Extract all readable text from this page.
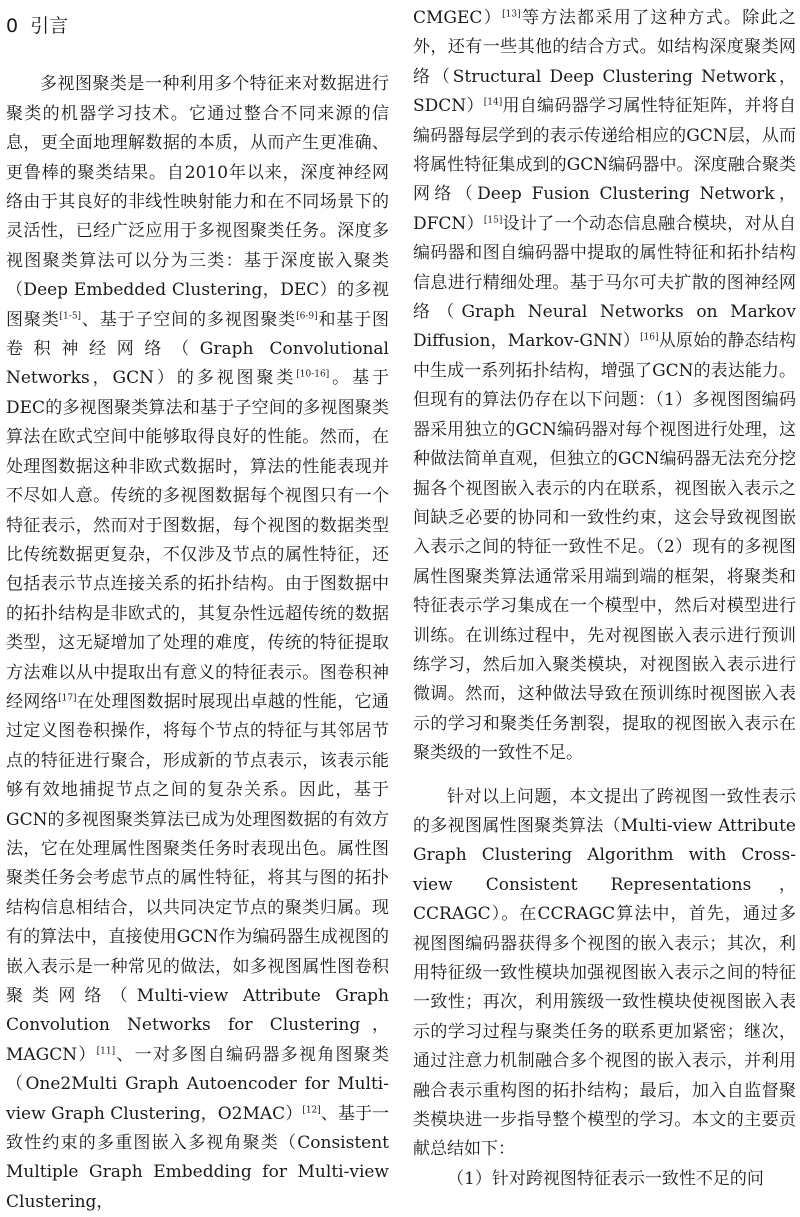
0 引言

多视图聚类是一种利用多个特征来对数据进行聚类的机器学习技术。它通过整合不同来源的信息，更全面地理解数据的本质，从而产生更准确、更鲁棒的聚类结果。自2010年以来，深度神经网络由于其良好的非线性映射能力和在不同场景下的灵活性，已经广泛应用于多视图聚类任务。深度多视图聚类算法可以分为三类：基于深度嵌入聚类（Deep Embedded Clustering，DEC）的多视图聚类[1-5]、基于子空间的多视图聚类[6-9]和基于图卷积神经网络（Graph Convolutional Networks，GCN）的多视图聚类[10-16]。基于DEC的多视图聚类算法和基于子空间的多视图聚类算法在欧式空间中能够取得良好的性能。然而，在处理图数据这种非欧式数据时，算法的性能表现并不尽如人意。传统的多视图数据每个视图只有一个特征表示，然而对于图数据，每个视图的数据类型比传统数据更复杂，不仅涉及节点的属性特征，还包括表示节点连接关系的拓扑结构。由于图数据中的拓扑结构是非欧式的，其复杂性远超传统的数据类型，这无疑增加了处理的难度，传统的特征提取方法难以从中提取出有意义的特征表示。图卷积神经网络[17]在处理图数据时展现出卓越的性能，它通过定义图卷积操作，将每个节点的特征与其邻居节点的特征进行聚合，形成新的节点表示，该表示能够有效地捕捉节点之间的复杂关系。因此，基于GCN的多视图聚类算法已成为处理图数据的有效方法，它在处理属性图聚类任务时表现出色。属性图聚类任务会考虑节点的属性特征，将其与图的拓扑结构信息相结合，以共同决定节点的聚类归属。现有的算法中，直接使用GCN作为编码器生成视图的嵌入表示是一种常见的做法，如多视图属性图卷积聚类网络（Multi-view Attribute Graph Convolution Networks for Clustering，MAGCN）[11]、一对多图自编码器多视角图聚类（One2Multi Graph Autoencoder for Multi-view Graph Clustering，O2MAC）[12]、基于一致性约束的多重图嵌入多视角聚类（Consistent Multiple Graph Embedding for Multi-view Clustering，

CMGEC）[13]等方法都采用了这种方式。除此之外，还有一些其他的结合方式。如结构深度聚类网络（Structural Deep Clustering Network，SDCN）[14]用自编码器学习属性特征矩阵，并将自编码器每层学到的表示传递给相应的GCN层，从而将属性特征集成到的GCN编码器中。深度融合聚类网络（Deep Fusion Clustering Network，DFCN）[15]设计了一个动态信息融合模块，对从自编码器和图自编码器中提取的属性特征和拓扑结构信息进行精细处理。基于马尔可夫扩散的图神经网络（Graph Neural Networks on Markov Diffusion，Markov-GNN）[16]从原始的静态结构中生成一系列拓扑结构，增强了GCN的表达能力。但现有的算法仍存在以下问题：（1）多视图图编码器采用独立的GCN编码器对每个视图进行处理，这种做法简单直观，但独立的GCN编码器无法充分挖掘各个视图嵌入表示的内在联系，视图嵌入表示之间缺乏必要的协同和一致性约束，这会导致视图嵌入表示之间的特征一致性不足。（2）现有的多视图属性图聚类算法通常采用端到端的框架，将聚类和特征表示学习集成在一个模型中，然后对模型进行训练。在训练过程中，先对视图嵌入表示进行预训练学习，然后加入聚类模块，对视图嵌入表示进行微调。然而，这种做法导致在预训练时视图嵌入表示的学习和聚类任务割裂，提取的视图嵌入表示在聚类级的一致性不足。

针对以上问题，本文提出了跨视图一致性表示的多视图属性图聚类算法（Multi-view Attribute Graph Clustering Algorithm with Cross-view Consistent Representations，CCRAGC）。在CCRAGC算法中，首先，通过多视图图编码器获得多个视图的嵌入表示；其次，利用特征级一致性模块加强视图嵌入表示之间的特征一致性；再次，利用簇级一致性模块使视图嵌入表示的学习过程与聚类任务的联系更加紧密；继次，通过注意力机制融合多个视图的嵌入表示，并利用融合表示重构图的拓扑结构；最后，加入自监督聚类模块进一步指导整个模型的学习。本文的主要贡献总结如下：

（1）针对跨视图特征表示一致性不足的问
